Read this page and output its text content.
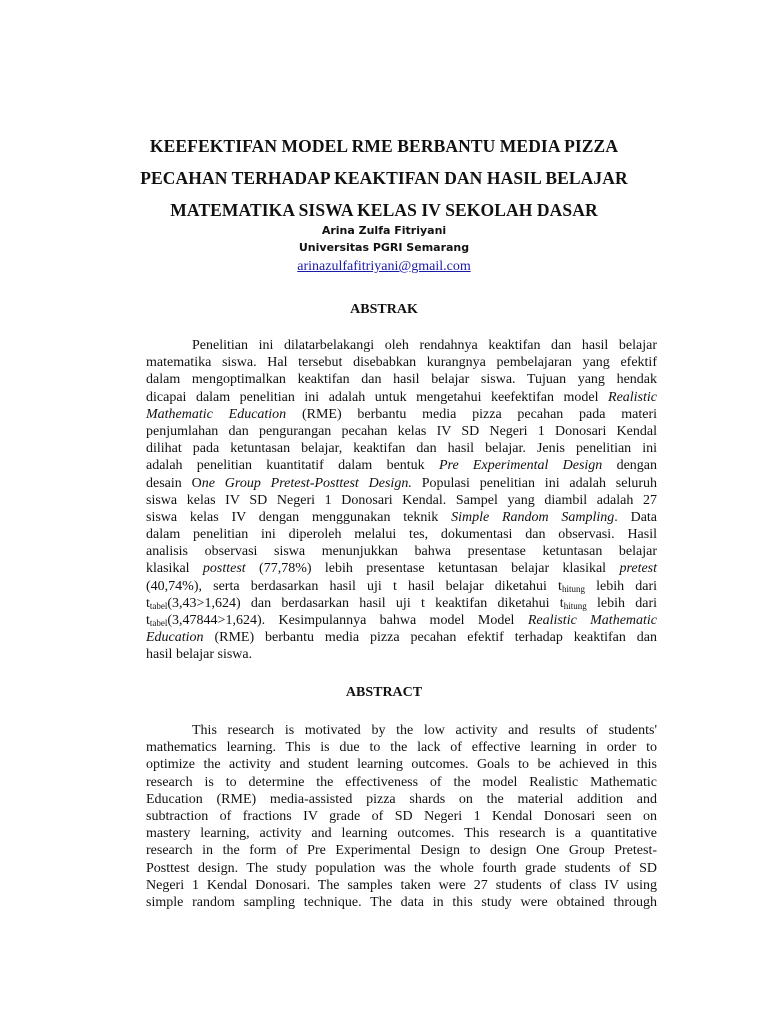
KEEFEKTIFAN MODEL RME BERBANTU MEDIA PIZZA
PECAHAN TERHADAP KEAKTIFAN DAN HASIL BELAJAR
MATEMATIKA SISWA KELAS IV SEKOLAH DASAR
Arina Zulfa Fitriyani
Universitas PGRI Semarang
arinazulfafitriyani@gmail.com
ABSTRAK
Penelitian ini dilatarbelakangi oleh rendahnya keaktifan dan hasil belajar
matematika siswa. Hal tersebut disebabkan kurangnya pembelajaran yang efektif
dalam mengoptimalkan keaktifan dan hasil belajar siswa. Tujuan yang hendak
dicapai dalam penelitian ini adalah untuk mengetahui keefektifan model Realistic
Mathematic Education (RME) berbantu media pizza pecahan pada materi
penjumlahan dan pengurangan pecahan kelas IV SD Negeri 1 Donosari Kendal
dilihat pada ketuntasan belajar, keaktifan dan hasil belajar. Jenis penelitian ini
adalah penelitian kuantitatif dalam bentuk Pre Experimental Design dengan
desain One Group Pretest-Posttest Design. Populasi penelitian ini adalah seluruh
siswa kelas IV SD Negeri 1 Donosari Kendal. Sampel yang diambil adalah 27
siswa kelas IV dengan menggunakan teknik Simple Random Sampling. Data
dalam penelitian ini diperoleh melalui tes, dokumentasi dan observasi. Hasil
analisis observasi siswa menunjukkan bahwa presentase ketuntasan belajar
klasikal posttest (77,78%) lebih presentase ketuntasan belajar klasikal pretest
(40,74%), serta berdasarkan hasil uji t hasil belajar diketahui $t_{hitung}$ lebih dari
$t_{tabel}(3,43>1,624)$ dan berdasarkan hasil uji t keaktifan diketahui $t_{hitung}$ lebih dari
$t_{tabel}(3,47844>1,624)$. Kesimpulannya bahwa model Model Realistic Mathematic
Education (RME) berbantu media pizza pecahan efektif terhadap keaktifan dan
hasil belajar siswa.
ABSTRACT
This research is motivated by the low activity and results of students'
mathematics learning. This is due to the lack of effective learning in order to
optimize the activity and student learning outcomes. Goals to be achieved in this
research is to determine the effectiveness of the model Realistic Mathematic
Education (RME) media-assisted pizza shards on the material addition and
subtraction of fractions IV grade of SD Negeri 1 Kendal Donosari seen on
mastery learning, activity and learning outcomes. This research is a quantitative
research in the form of Pre Experimental Design to design One Group Pretest-
Posttest design. The study population was the whole fourth grade students of SD
Negeri 1 Kendal Donosari. The samples taken were 27 students of class IV using
simple random sampling technique. The data in this study were obtained through
